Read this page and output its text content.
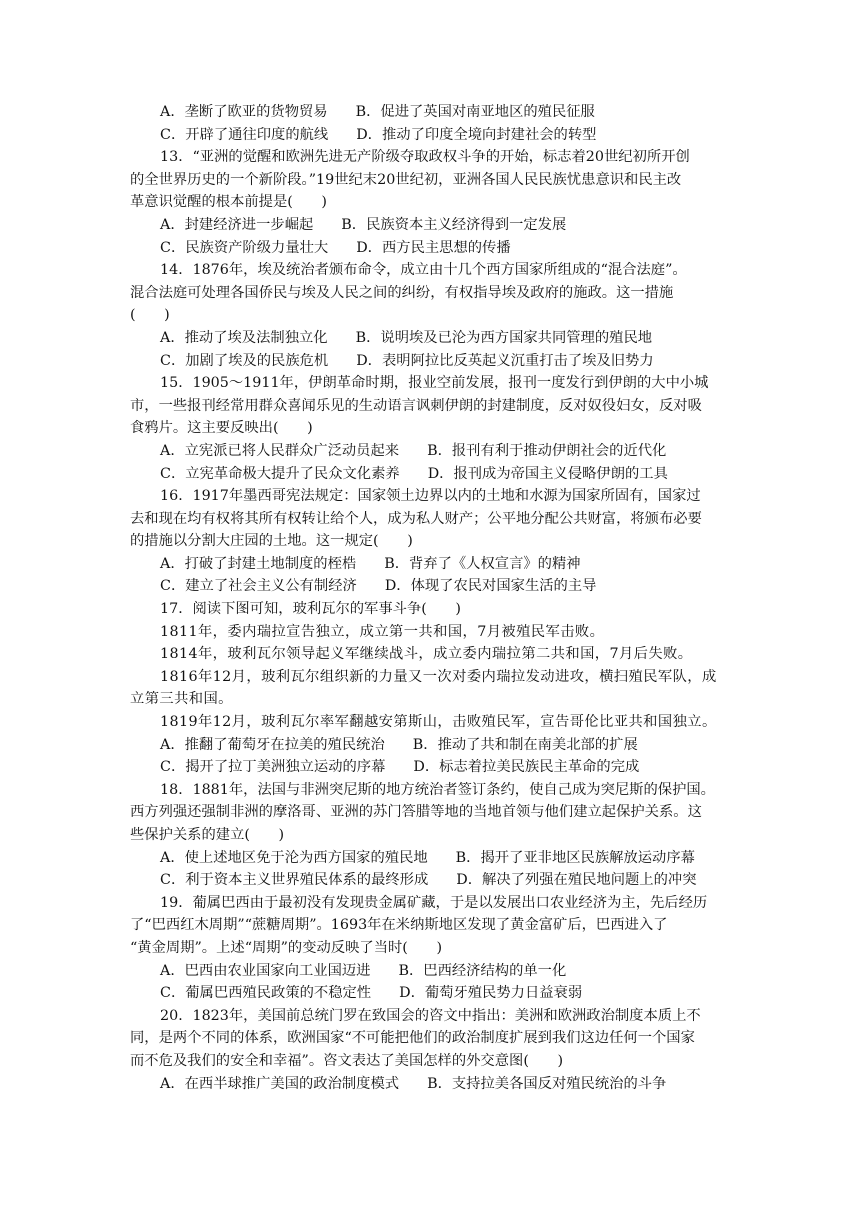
A．垄断了欧亚的货物贸易 B．促进了英国对南亚地区的殖民征服
C．开辟了通往印度的航线 D．推动了印度全境向封建社会的转型
13．“亚洲的觉醒和欧洲先进无产阶级夺取政权斗争的开始，标志着20世纪初所开创
的全世界历史的一个新阶段。”19世纪末20世纪初，亚洲各国人民民族忧患意识和民主改
革意识觉醒的根本前提是(　　)
A．封建经济进一步崛起 B．民族资本主义经济得到一定发展
C．民族资产阶级力量壮大 D．西方民主思想的传播
14．1876年，埃及统治者颁布命令，成立由十几个西方国家所组成的“混合法庭”。
混合法庭可处理各国侨民与埃及人民之间的纠纷，有权指导埃及政府的施政。这一措施
(　　)
A．推动了埃及法制独立化 B．说明埃及已沦为西方国家共同管理的殖民地
C．加剧了埃及的民族危机 D．表明阿拉比反英起义沉重打击了埃及旧势力
15．1905～1911年，伊朗革命时期，报业空前发展，报刊一度发行到伊朗的大中小城
市，一些报刊经常用群众喜闻乐见的生动语言讽刺伊朗的封建制度，反对奴役妇女，反对吸
食鸦片。这主要反映出(　　)
A．立宪派已将人民群众广泛动员起来 B．报刊有利于推动伊朗社会的近代化
C．立宪革命极大提升了民众文化素养 D．报刊成为帝国主义侵略伊朗的工具
16．1917年墨西哥宪法规定：国家领土边界以内的土地和水源为国家所固有，国家过
去和现在均有权将其所有权转让给个人，成为私人财产；公平地分配公共财富，将颁布必要
的措施以分割大庄园的土地。这一规定(　　)
A．打破了封建土地制度的桎梏 B．背弃了《人权宣言》的精神
C．建立了社会主义公有制经济 D．体现了农民对国家生活的主导
17．阅读下图可知，玻利瓦尔的军事斗争(　　)
1811年，委内瑞拉宣告独立，成立第一共和国，7月被殖民军击败。
1814年，玻利瓦尔领导起义军继续战斗，成立委内瑞拉第二共和国，7月后失败。
1816年12月，玻利瓦尔组织新的力量又一次对委内瑞拉发动进攻，横扫殖民军队，成
立第三共和国。
1819年12月，玻利瓦尔率军翻越安第斯山，击败殖民军，宣告哥伦比亚共和国独立。
A．推翻了葡萄牙在拉美的殖民统治 B．推动了共和制在南美北部的扩展
C．揭开了拉丁美洲独立运动的序幕 D．标志着拉美民族民主革命的完成
18．1881年，法国与非洲突尼斯的地方统治者签订条约，使自己成为突尼斯的保护国。
西方列强还强制非洲的摩洛哥、亚洲的苏门答腊等地的当地首领与他们建立起保护关系。这
些保护关系的建立(　　)
A．使上述地区免于沦为西方国家的殖民地 B．揭开了亚非地区民族解放运动序幕
C．利于资本主义世界殖民体系的最终形成 D．解决了列强在殖民地问题上的冲突
19．葡属巴西由于最初没有发现贵金属矿藏，于是以发展出口农业经济为主，先后经历
了“巴西红木周期”“蔗糖周期”。1693年在米纳斯地区发现了黄金富矿后，巴西进入了
“黄金周期”。上述“周期”的变动反映了当时(　　)
A．巴西由农业国家向工业国迈进 B．巴西经济结构的单一化
C．葡属巴西殖民政策的不稳定性 D．葡萄牙殖民势力日益衰弱
20．1823年，美国前总统门罗在致国会的咨文中指出：美洲和欧洲政治制度本质上不
同，是两个不同的体系，欧洲国家“不可能把他们的政治制度扩展到我们这边任何一个国家
而不危及我们的安全和幸福”。咨文表达了美国怎样的外交意图(　　)
A．在西半球推广美国的政治制度模式 B．支持拉美各国反对殖民统治的斗争
